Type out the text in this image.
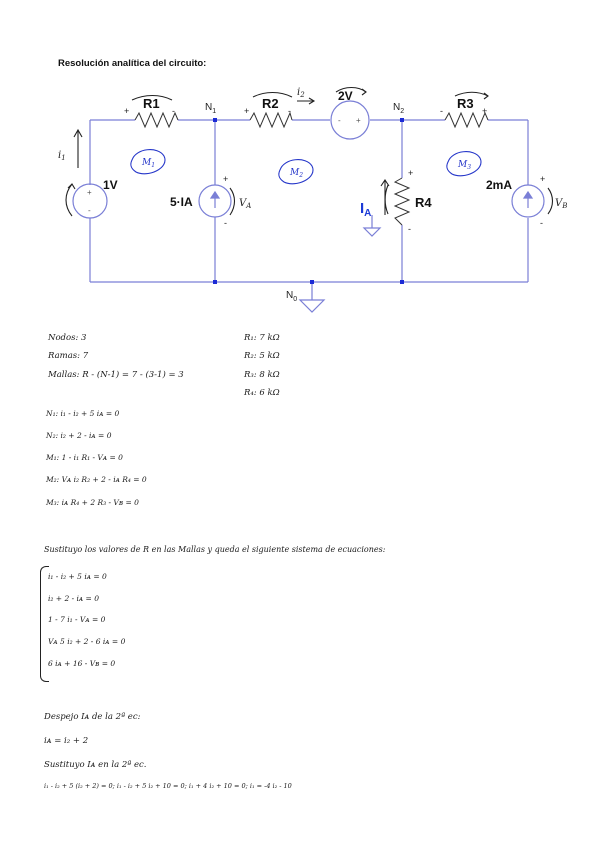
Resolución analítica del circuito:
- +
+
-
R1	R2	R3
R4
2V
1V
5·IA
2mA
+	-	+	-	-	+
+
-
+
-
+
-
$N_1$	$N_2$
$N_0$
$I_A$
$M_1$
$M_2$
$M_3$
$i_1$
$i_2$
$V_A$	$V_B$
Nodos: 3
Ramas: 7
Mallas: R - (N-1) = 7 - (3-1) = 3
R₁: 7 kΩ
R₂: 5 kΩ
R₃: 8 kΩ
R₄: 6 kΩ
N₁: i₁ - i₂ + 5 iᴀ = 0
N₂: i₂ + 2 - iᴀ = 0
M₁: 1 - i₁ R₁ - Vᴀ = 0
M₂: Vᴀ i₂ R₂ + 2 - iᴀ R₄ = 0
M₃: iᴀ R₄ + 2 R₃ - Vʙ = 0
Sustituyo los valores de R en las Mallas y queda el siguiente sistema de ecuaciones:
i₁ - i₂ + 5 iᴀ = 0
i₂ + 2 - iᴀ = 0
1 - 7 i₁ - Vᴀ = 0
Vᴀ 5 i₂ + 2 - 6 iᴀ = 0
6 iᴀ + 16 - Vʙ = 0
Despejo Iᴀ de la 2ª ec:
iᴀ = i₂ + 2
Sustituyo Iᴀ en la 2ª ec.
i₁ - i₂ + 5 (i₂ + 2) = 0; i₁ - i₂ + 5 i₂ + 10 = 0; i₁ + 4 i₂ + 10 = 0; i₁ = -4 i₂ - 10
